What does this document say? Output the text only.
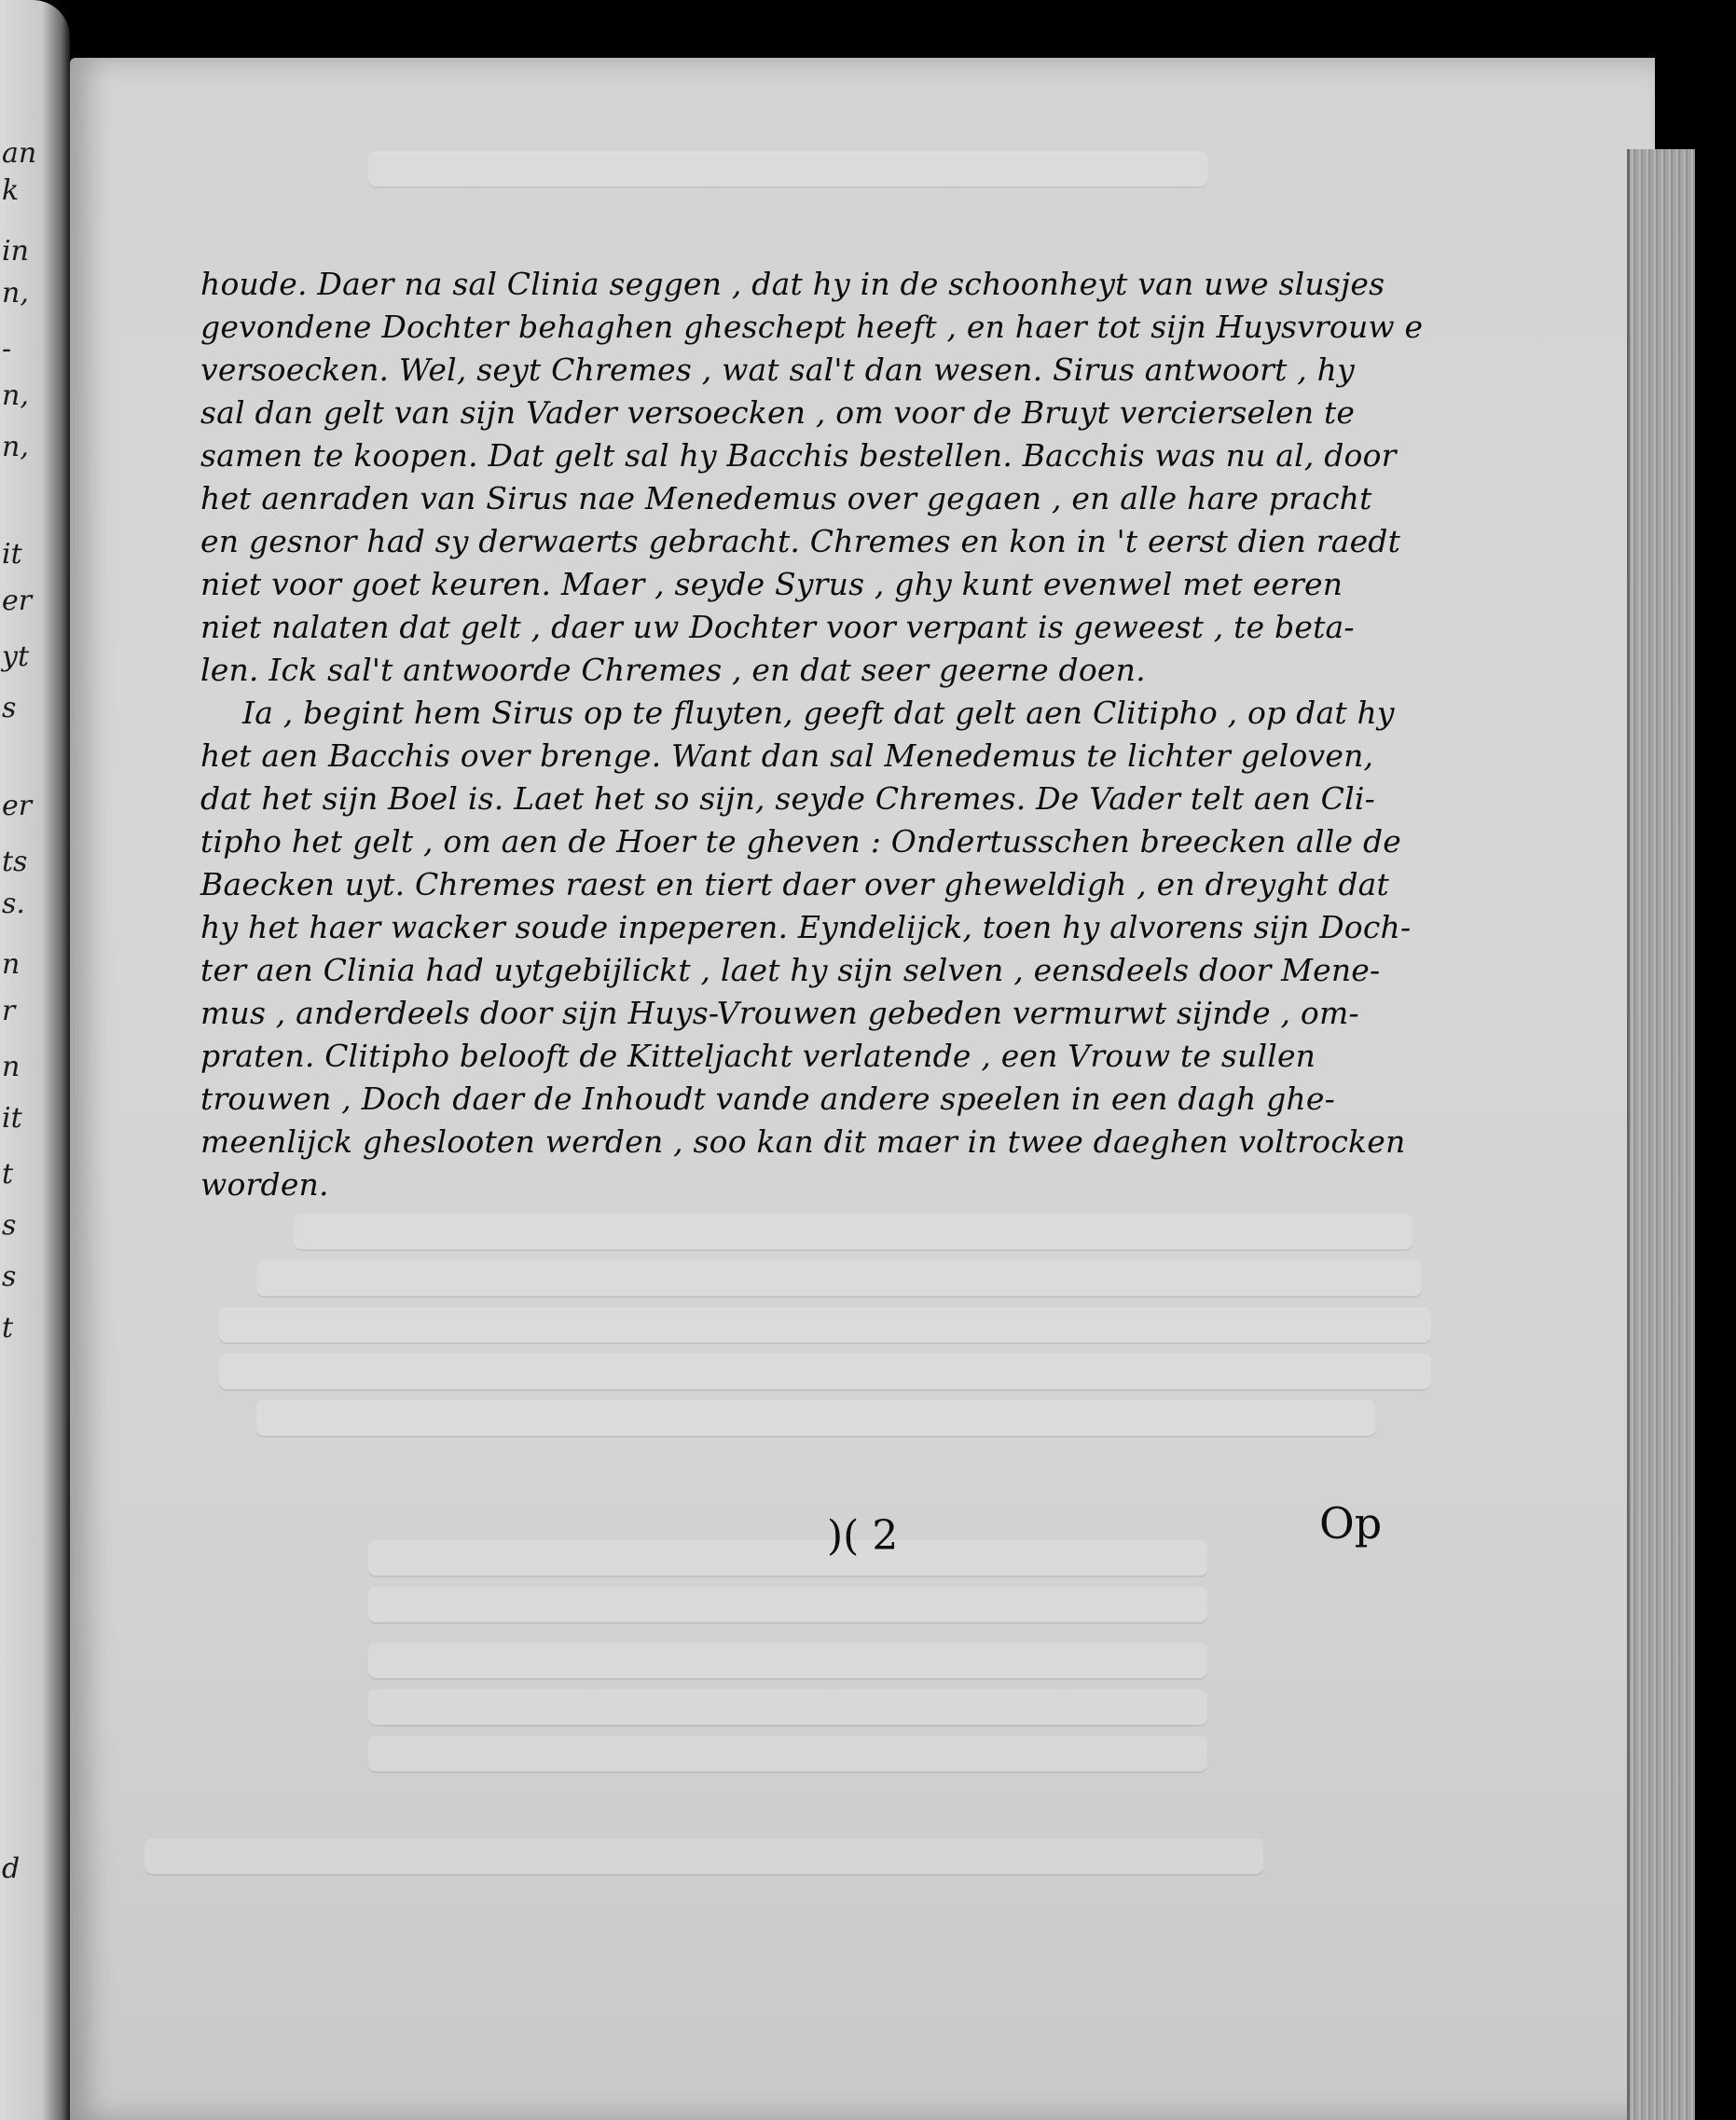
an
k
in
n,
-
n,
n,
it
er
yt
s
er
ts
s.
n
r
n
it
t
s
s
t
d
houde. Daer na sal Clinia seggen , dat hy in de schoonheyt van uwe slusjes
gevondene Dochter behaghen gheschept heeft , en haer tot sijn Huysvrouw e
versoecken. Wel, seyt Chremes , wat sal't dan wesen. Sirus antwoort , hy
sal dan gelt van sijn Vader versoecken , om voor de Bruyt vercierselen te
samen te koopen. Dat gelt sal hy Bacchis bestellen. Bacchis was nu al, door
het aenraden van Sirus nae Menedemus over gegaen , en alle hare pracht
en gesnor had sy derwaerts gebracht. Chremes en kon in 't eerst dien raedt
niet voor goet keuren. Maer , seyde Syrus , ghy kunt evenwel met eeren
niet nalaten dat gelt , daer uw Dochter voor verpant is geweest , te beta-
len. Ick sal't antwoorde Chremes , en dat seer geerne doen.
Ia , begint hem Sirus op te fluyten, geeft dat gelt aen Clitipho , op dat hy
het aen Bacchis over brenge. Want dan sal Menedemus te lichter geloven,
dat het sijn Boel is. Laet het so sijn, seyde Chremes. De Vader telt aen Cli-
tipho het gelt , om aen de Hoer te gheven : Ondertusschen breecken alle de
Baecken uyt. Chremes raest en tiert daer over gheweldigh , en dreyght dat
hy het haer wacker soude inpeperen. Eyndelijck, toen hy alvorens sijn Doch-
ter aen Clinia had uytgebijlickt , laet hy sijn selven , eensdeels door Mene-
mus , anderdeels door sijn Huys-Vrouwen gebeden vermurwt sijnde , om-
praten. Clitipho belooft de Kitteljacht verlatende , een Vrouw te sullen
trouwen , Doch daer de Inhoudt vande andere speelen in een dagh ghe-
meenlijck gheslooten werden , soo kan dit maer in twee daeghen voltrocken
worden.
)( 2	Op
